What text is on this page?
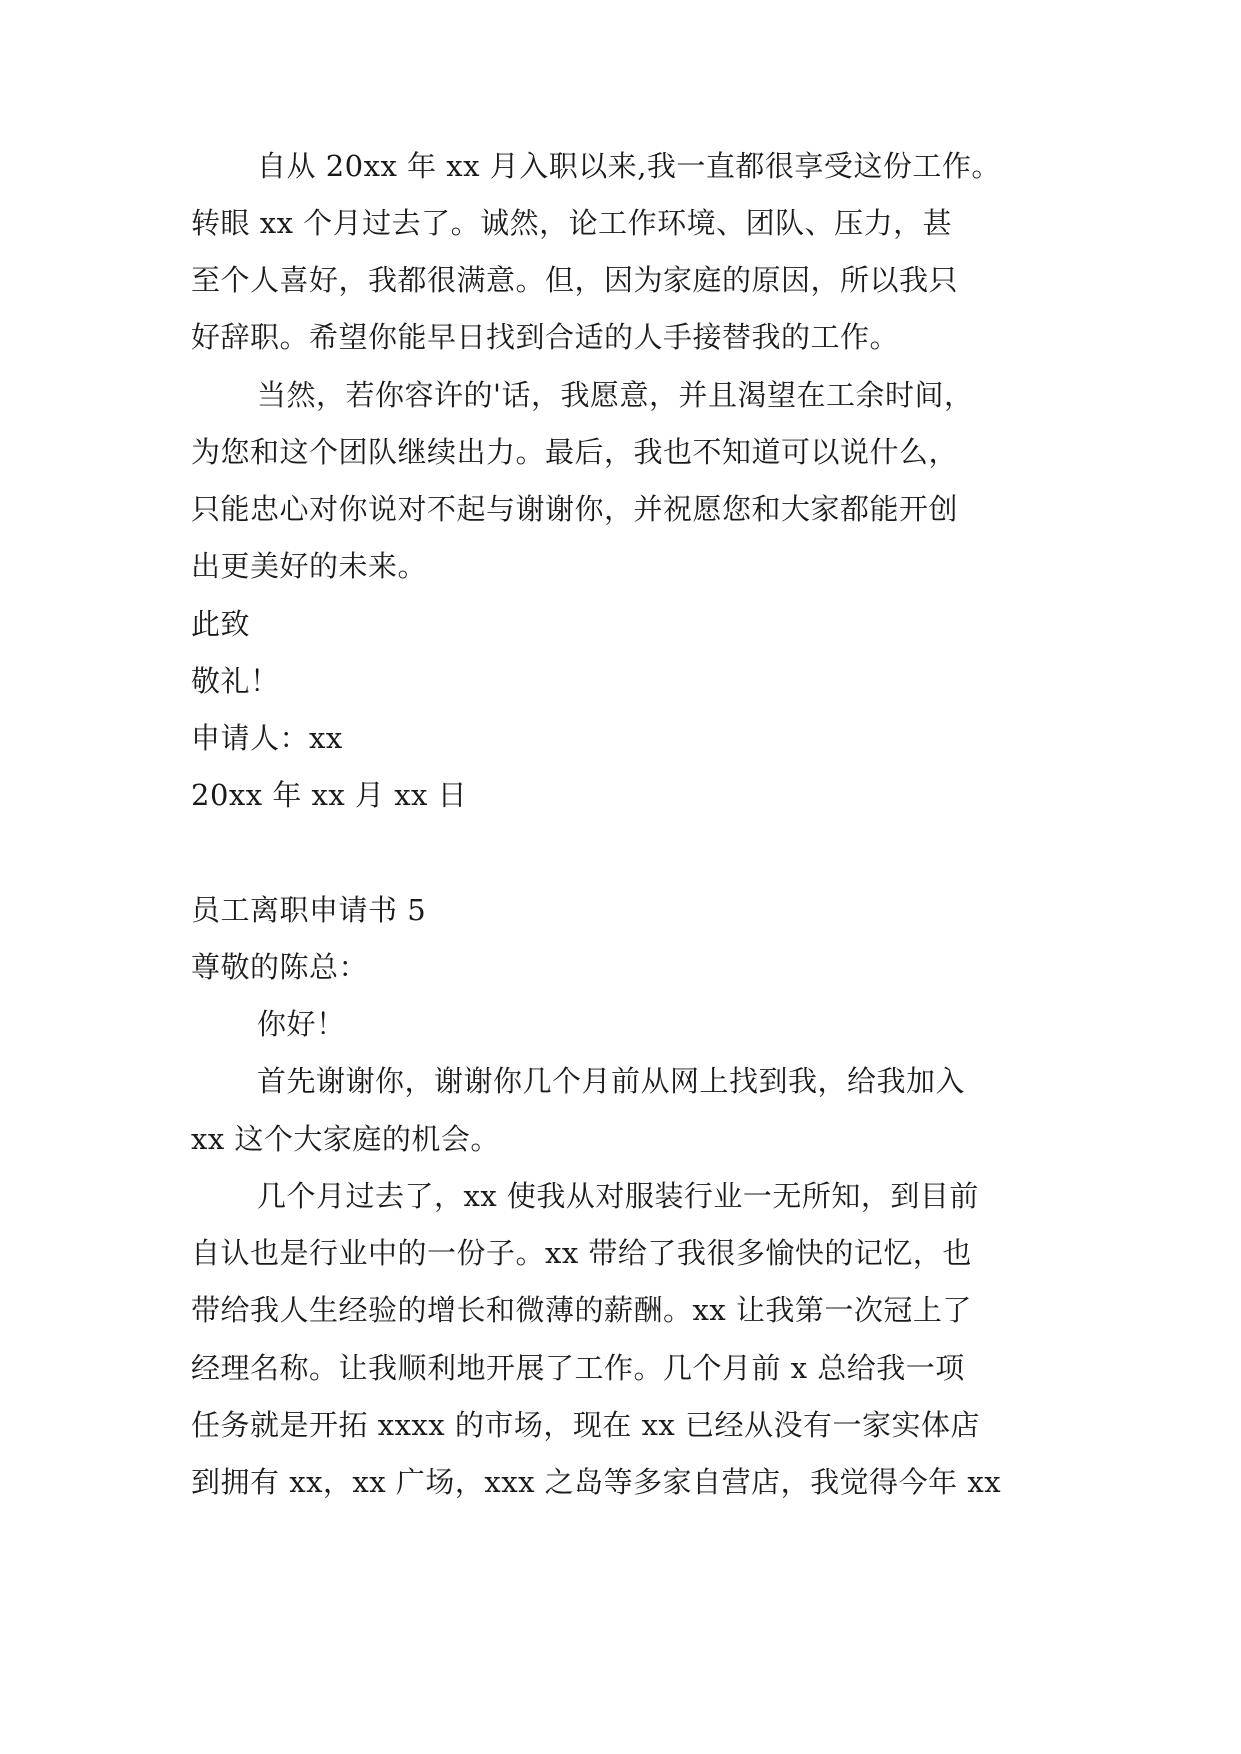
自从 20xx 年 xx 月入职以来,我一直都很享受这份工作。
转眼 xx 个月过去了。诚然，论工作环境、团队、压力，甚
至个人喜好，我都很满意。但，因为家庭的原因，所以我只
好辞职。希望你能早日找到合适的人手接替我的工作。
当然，若你容许的'话，我愿意，并且渴望在工余时间，
为您和这个团队继续出力。最后，我也不知道可以说什么，
只能忠心对你说对不起与谢谢你，并祝愿您和大家都能开创
出更美好的未来。
此致
敬礼！
申请人：xx
20xx 年 xx 月 xx 日
员工离职申请书 5
尊敬的陈总：
你好！
首先谢谢你，谢谢你几个月前从网上找到我，给我加入
xx 这个大家庭的机会。
几个月过去了，xx 使我从对服装行业一无所知，到目前
自认也是行业中的一份子。xx 带给了我很多愉快的记忆，也
带给我人生经验的增长和微薄的薪酬。xx 让我第一次冠上了
经理名称。让我顺利地开展了工作。几个月前 x 总给我一项
任务就是开拓 xxxx 的市场，现在 xx 已经从没有一家实体店
到拥有 xx，xx 广场，xxx 之岛等多家自营店，我觉得今年 xx
